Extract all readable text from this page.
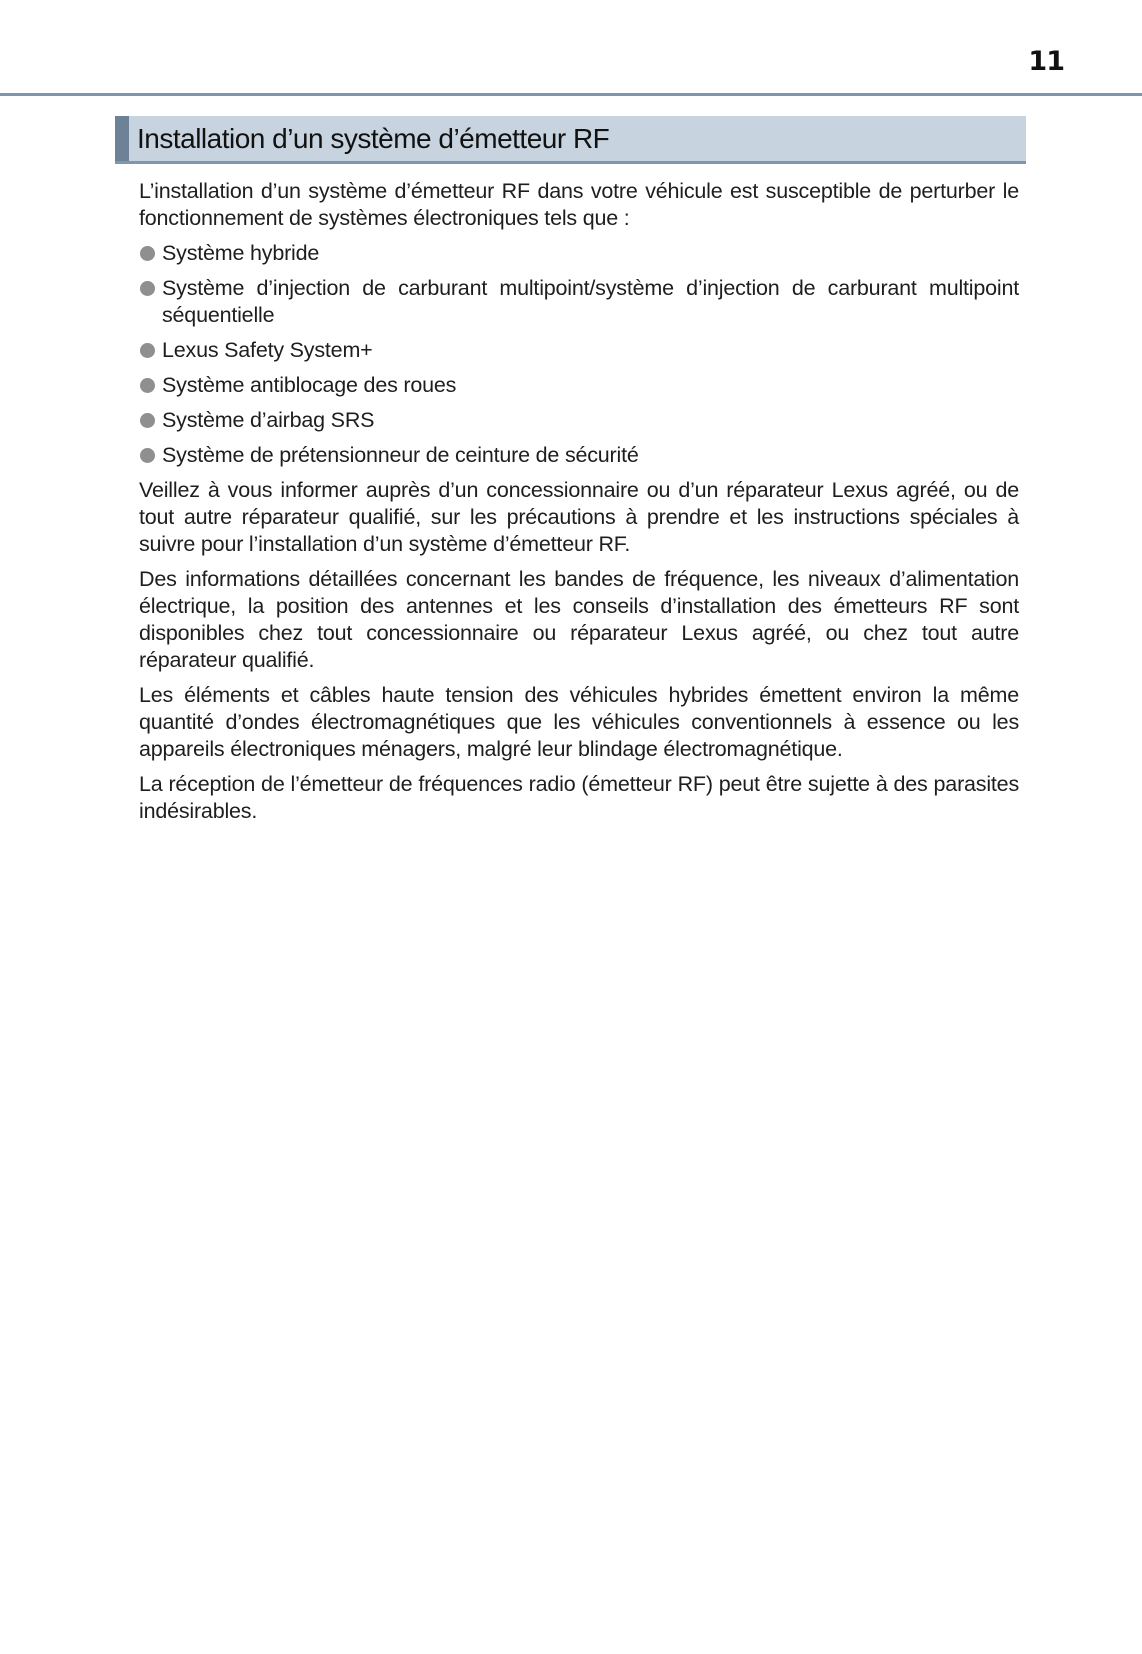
11
Installation d’un système d’émetteur RF

L’installation d’un système d’émetteur RF dans votre véhicule est susceptible de perturber le fonctionnement de systèmes électroniques tels que :

Système hybride
Système d’injection de carburant multipoint/système d’injection de carburant multipoint séquentielle
Lexus Safety System+
Système antiblocage des roues
Système d’airbag SRS
Système de prétensionneur de ceinture de sécurité

Veillez à vous informer auprès d’un concessionnaire ou d’un réparateur Lexus agréé, ou de tout autre réparateur qualifié, sur les précautions à prendre et les instructions spéciales à suivre pour l’installation d’un système d’émetteur RF.

Des informations détaillées concernant les bandes de fréquence, les niveaux d’alimentation électrique, la position des antennes et les conseils d’installation des émetteurs RF sont disponibles chez tout concessionnaire ou réparateur Lexus agréé, ou chez tout autre réparateur qualifié.

Les éléments et câbles haute tension des véhicules hybrides émettent environ la même quantité d’ondes électromagnétiques que les véhicules conventionnels à essence ou les appareils électroniques ménagers, malgré leur blindage électromagnétique.

La réception de l’émetteur de fréquences radio (émetteur RF) peut être sujette à des parasites indésirables.
